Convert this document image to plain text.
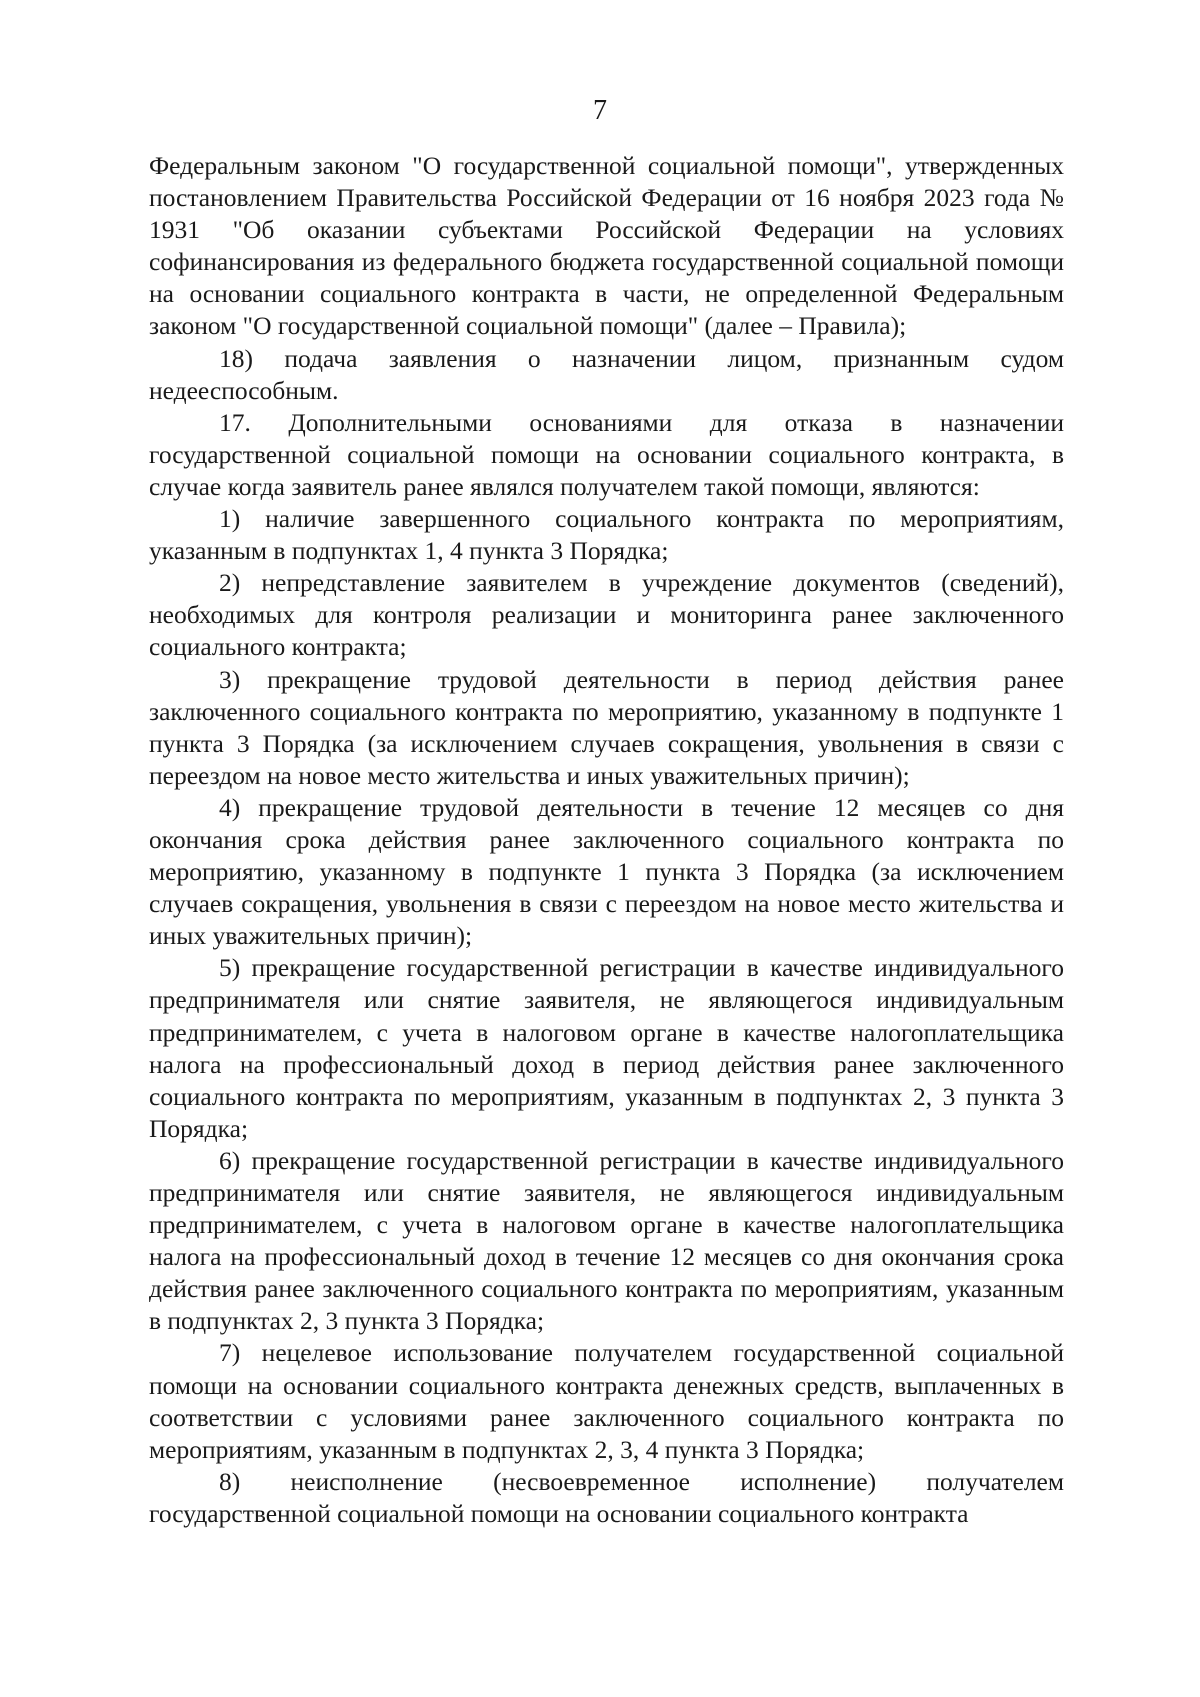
7

Федеральным законом "О государственной социальной помощи", утвержденных постановлением Правительства Российской Федерации от 16 ноября 2023 года № 1931 "Об оказании субъектами Российской Федерации на условиях софинансирования из федерального бюджета государственной социальной помощи на основании социального контракта в части, не определенной Федеральным законом "О государственной социальной помощи" (далее – Правила);

18) подача заявления о назначении лицом, признанным судом недееспособным.

17. Дополнительными основаниями для отказа в назначении государственной социальной помощи на основании социального контракта, в случае когда заявитель ранее являлся получателем такой помощи, являются:

1) наличие завершенного социального контракта по мероприятиям, указанным в подпунктах 1, 4 пункта 3 Порядка;

2) непредставление заявителем в учреждение документов (сведений), необходимых для контроля реализации и мониторинга ранее заключенного социального контракта;

3) прекращение трудовой деятельности в период действия ранее заключенного социального контракта по мероприятию, указанному в подпункте 1 пункта 3 Порядка (за исключением случаев сокращения, увольнения в связи с переездом на новое место жительства и иных уважительных причин);

4) прекращение трудовой деятельности в течение 12 месяцев со дня окончания срока действия ранее заключенного социального контракта по мероприятию, указанному в подпункте 1 пункта 3 Порядка (за исключением случаев сокращения, увольнения в связи с переездом на новое место жительства и иных уважительных причин);

5) прекращение государственной регистрации в качестве индивидуального предпринимателя или снятие заявителя, не являющегося индивидуальным предпринимателем, с учета в налоговом органе в качестве налогоплательщика налога на профессиональный доход в период действия ранее заключенного социального контракта по мероприятиям, указанным в подпунктах 2, 3 пункта 3 Порядка;

6) прекращение государственной регистрации в качестве индивидуального предпринимателя или снятие заявителя, не являющегося индивидуальным предпринимателем, с учета в налоговом органе в качестве налогоплательщика налога на профессиональный доход в течение 12 месяцев со дня окончания срока действия ранее заключенного социального контракта по мероприятиям, указанным в подпунктах 2, 3 пункта 3 Порядка;

7) нецелевое использование получателем государственной социальной помощи на основании социального контракта денежных средств, выплаченных в соответствии с условиями ранее заключенного социального контракта по мероприятиям, указанным в подпунктах 2, 3, 4 пункта 3 Порядка;

8) неисполнение (несвоевременное исполнение) получателем государственной социальной помощи на основании социального контракта
